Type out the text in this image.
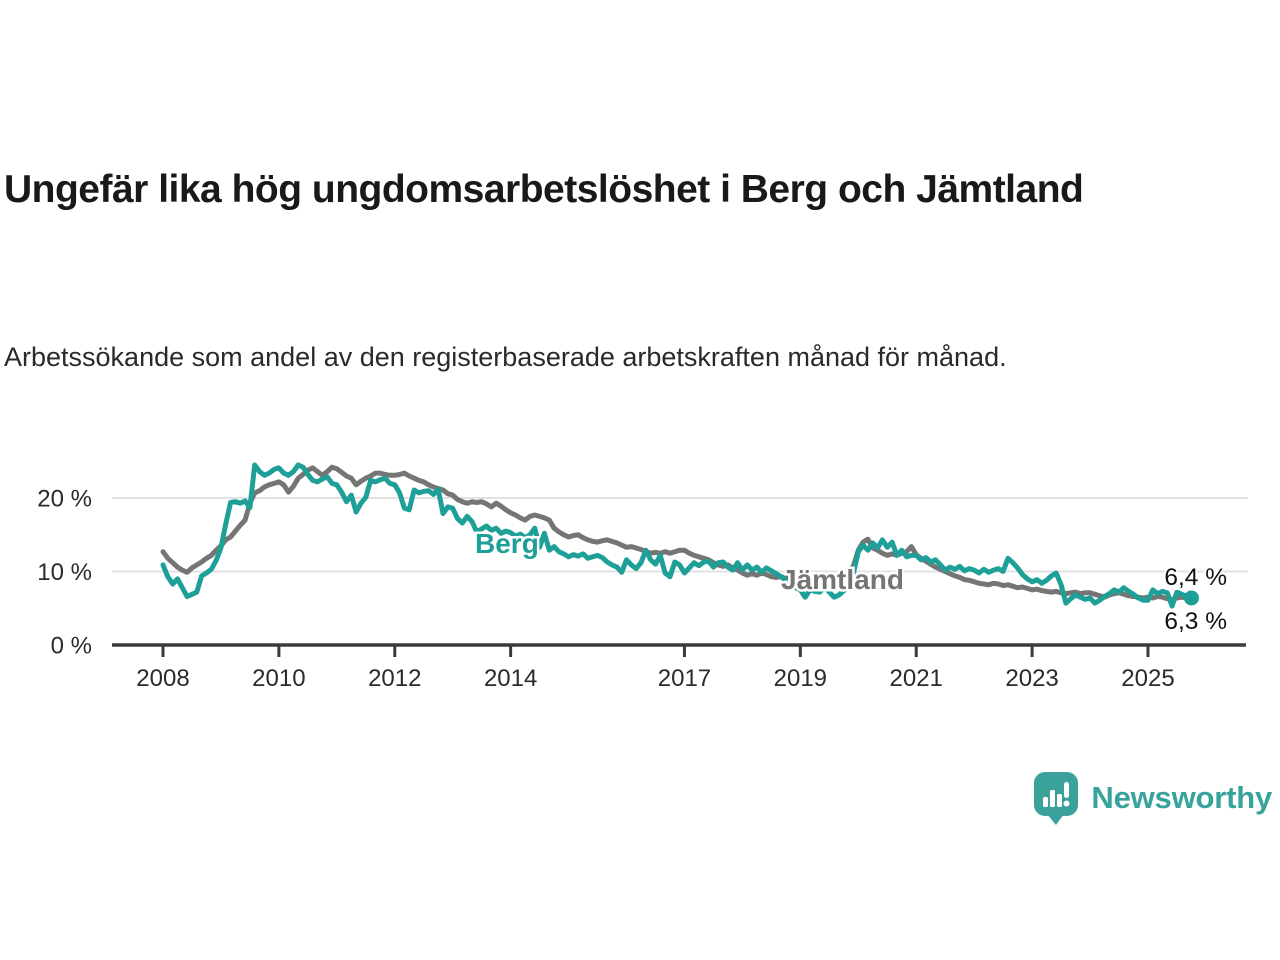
Ungefär lika hög ungdomsarbetslöshet i Berg och Jämtland

Arbetssökande som andel av den registerbaserade arbetskraften månad för månad.

0 %
10 %
20 %
2008	2010	2012	2014	2017	2019	2021	2023	2025
Jämtland
6,3 %
Berg
6,4 %
Newsworthy
